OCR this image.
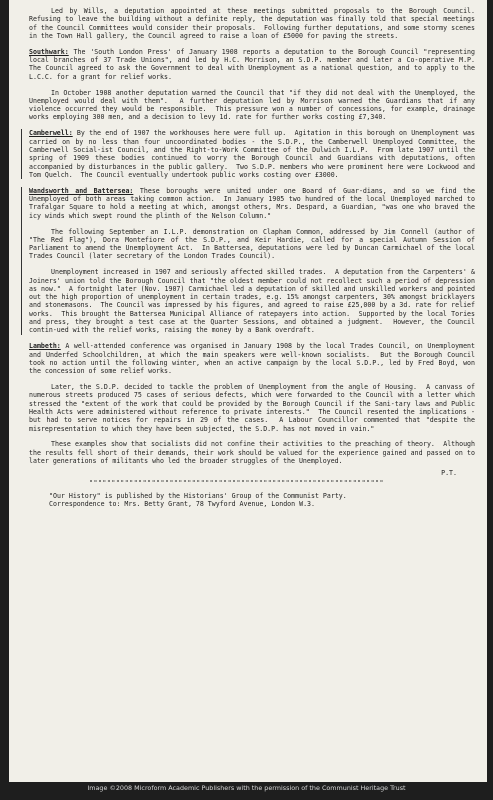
Led by Wills, a deputation appointed at these meetings submitted proposals to the Borough Council.  Refusing to leave the building without a definite reply, the deputation was finally told that special meetings of the Council Committees would consider their proposals.  Following further deputations, and some stormy scenes in the Town Hall gallery, the Council agreed to raise a loan of £5000 for paving the streets.

Southwark: The 'South London Press' of January 1908 reports a deputation to the Borough Council "representing local branches of 37 Trade Unions", and led by H.C. Morrison, an S.D.P. member and later a Co-operative M.P.  The Council agreed to ask the Government to deal with Unemployment as a national question, and to apply to the L.C.C. for a grant for relief works.

In October 1908 another deputation warned the Council that "if they did not deal with the Unemployed, the Unemployed would deal with them".  A further deputation led by Morrison warned the Guardians that if any violence occurred they would be responsible.  This pressure won a number of concessions, for example, drainage works employing 300 men, and a decision to levy 1d. rate for further works costing £7,340.

Camberwell: By the end of 1907 the workhouses here were full up.  Agitation in this borough on Unemployment was carried on by no less than four uncoordinated bodies - the S.D.P., the Camberwell Unemployed Committee, the Camberwell Social-ist Council, and the Right-to-Work Committee of the Dulwich I.L.P.  From late 1907 until the spring of 1909 these bodies continued to worry the Borough Council and Guardians with deputations, often accompanied by disturbances in the public gallery.  Two S.D.P. members who were prominent here were Lockwood and Tom Quelch.  The Council eventually undertook public works costing over £3000.

Wandsworth and Battersea: These boroughs were united under one Board of Guar-dians, and so we find the Unemployed of both areas taking common action.  In January 1905 two hundred of the local Unemployed marched to Trafalgar Square to hold a meeting at which, amongst others, Mrs. Despard, a Guardian, "was one who braved the icy winds which swept round the plinth of the Nelson Column."

The following September an I.L.P. demonstration on Clapham Common, addressed by Jim Connell (author of "The Red Flag"), Dora Montefiore of the S.D.P., and Keir Hardie, called for a special Autumn Session of Parliament to amend the Unemployment Act.  In Battersea, deputations were led by Duncan Carmichael of the local Trades Council (later secretary of the London Trades Council).

Unemployment increased in 1907 and seriously affected skilled trades.  A deputation from the Carpenters' & Joiners' union told the Borough Council that "the oldest member could not recollect such a period of depression as now."  A fortnight later (Nov. 1907) Carmichael led a deputation of skilled and unskilled workers and pointed out the high proportion of unemployment in certain trades, e.g. 15% amongst carpenters, 30% amongst bricklayers and stonemasons.  The Council was impressed by his figures, and agreed to raise £25,000 by a 3d. rate for relief works.  This brought the Battersea Municipal Alliance of ratepayers into action.  Supported by the local Tories and press, they brought a test case at the Quarter Sessions, and obtained a judgment.  However, the Council contin-ued with the relief works, raising the money by a Bank overdraft.

Lambeth: A well-attended conference was organised in January 1908 by the local Trades Council, on Unemployment and Underfed Schoolchildren, at which the main speakers were well-known socialists.  But the Borough Council took no action until the following winter, when an active campaign by the local S.D.P., led by Fred Boyd, won the concession of some relief works.

Later, the S.D.P. decided to tackle the problem of Unemployment from the angle of Housing.  A canvass of numerous streets produced 75 cases of serious defects, which were forwarded to the Council with a letter which stressed the "extent of the work that could be provided by the Borough Council if the Sani-tary laws and Public Health Acts were administered without reference to private interests."  The Council resented the implications - but had to serve notices for repairs in 29 of the cases.  A Labour Councillor commented that "despite the misrepresentation to which they have been subjected, the S.D.P. has not moved in vain."

These examples show that socialists did not confine their activities to the preaching of theory.  Although the results fell short of their demands, their work should be valued for the experience gained and passed on to later generations of militants who led the broader struggles of the Unemployed.

P.T.
""""""""""""""""""""""""""""""""""""""""""""""""""""""""""""""""""
"Our History" is published by the Historians' Group of the Communist Party.
Correspondence to: Mrs. Betty Grant, 78 Twyford Avenue, London W.3.
Image ©2008 Microform Academic Publishers with the permission of the Communist Heritage Trust
